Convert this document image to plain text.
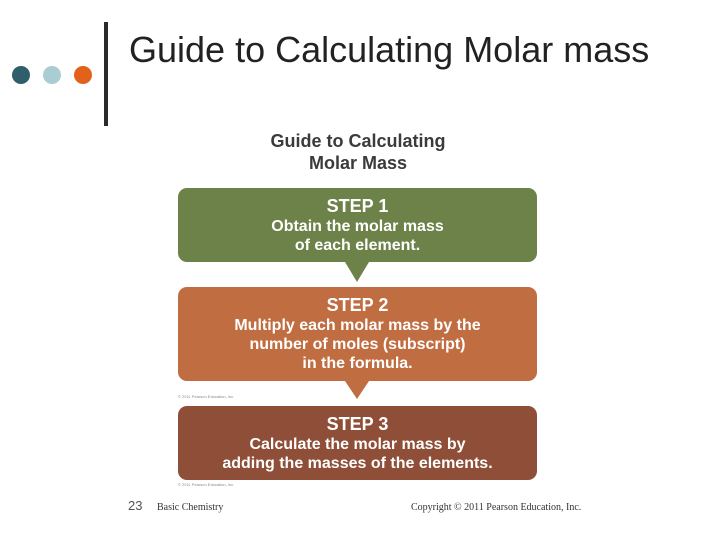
Guide to Calculating Molar mass
Guide to Calculating
Molar Mass
STEP 1
Obtain the molar mass
of each element.
STEP 2
Multiply each molar mass by the
number of moles (subscript)
in the formula.
© 2011 Pearson Education, Inc.
STEP 3
Calculate the molar mass by
adding the masses of the elements.
© 2011 Pearson Education, Inc.
23 Basic Chemistry	Copyright © 2011 Pearson Education, Inc.
